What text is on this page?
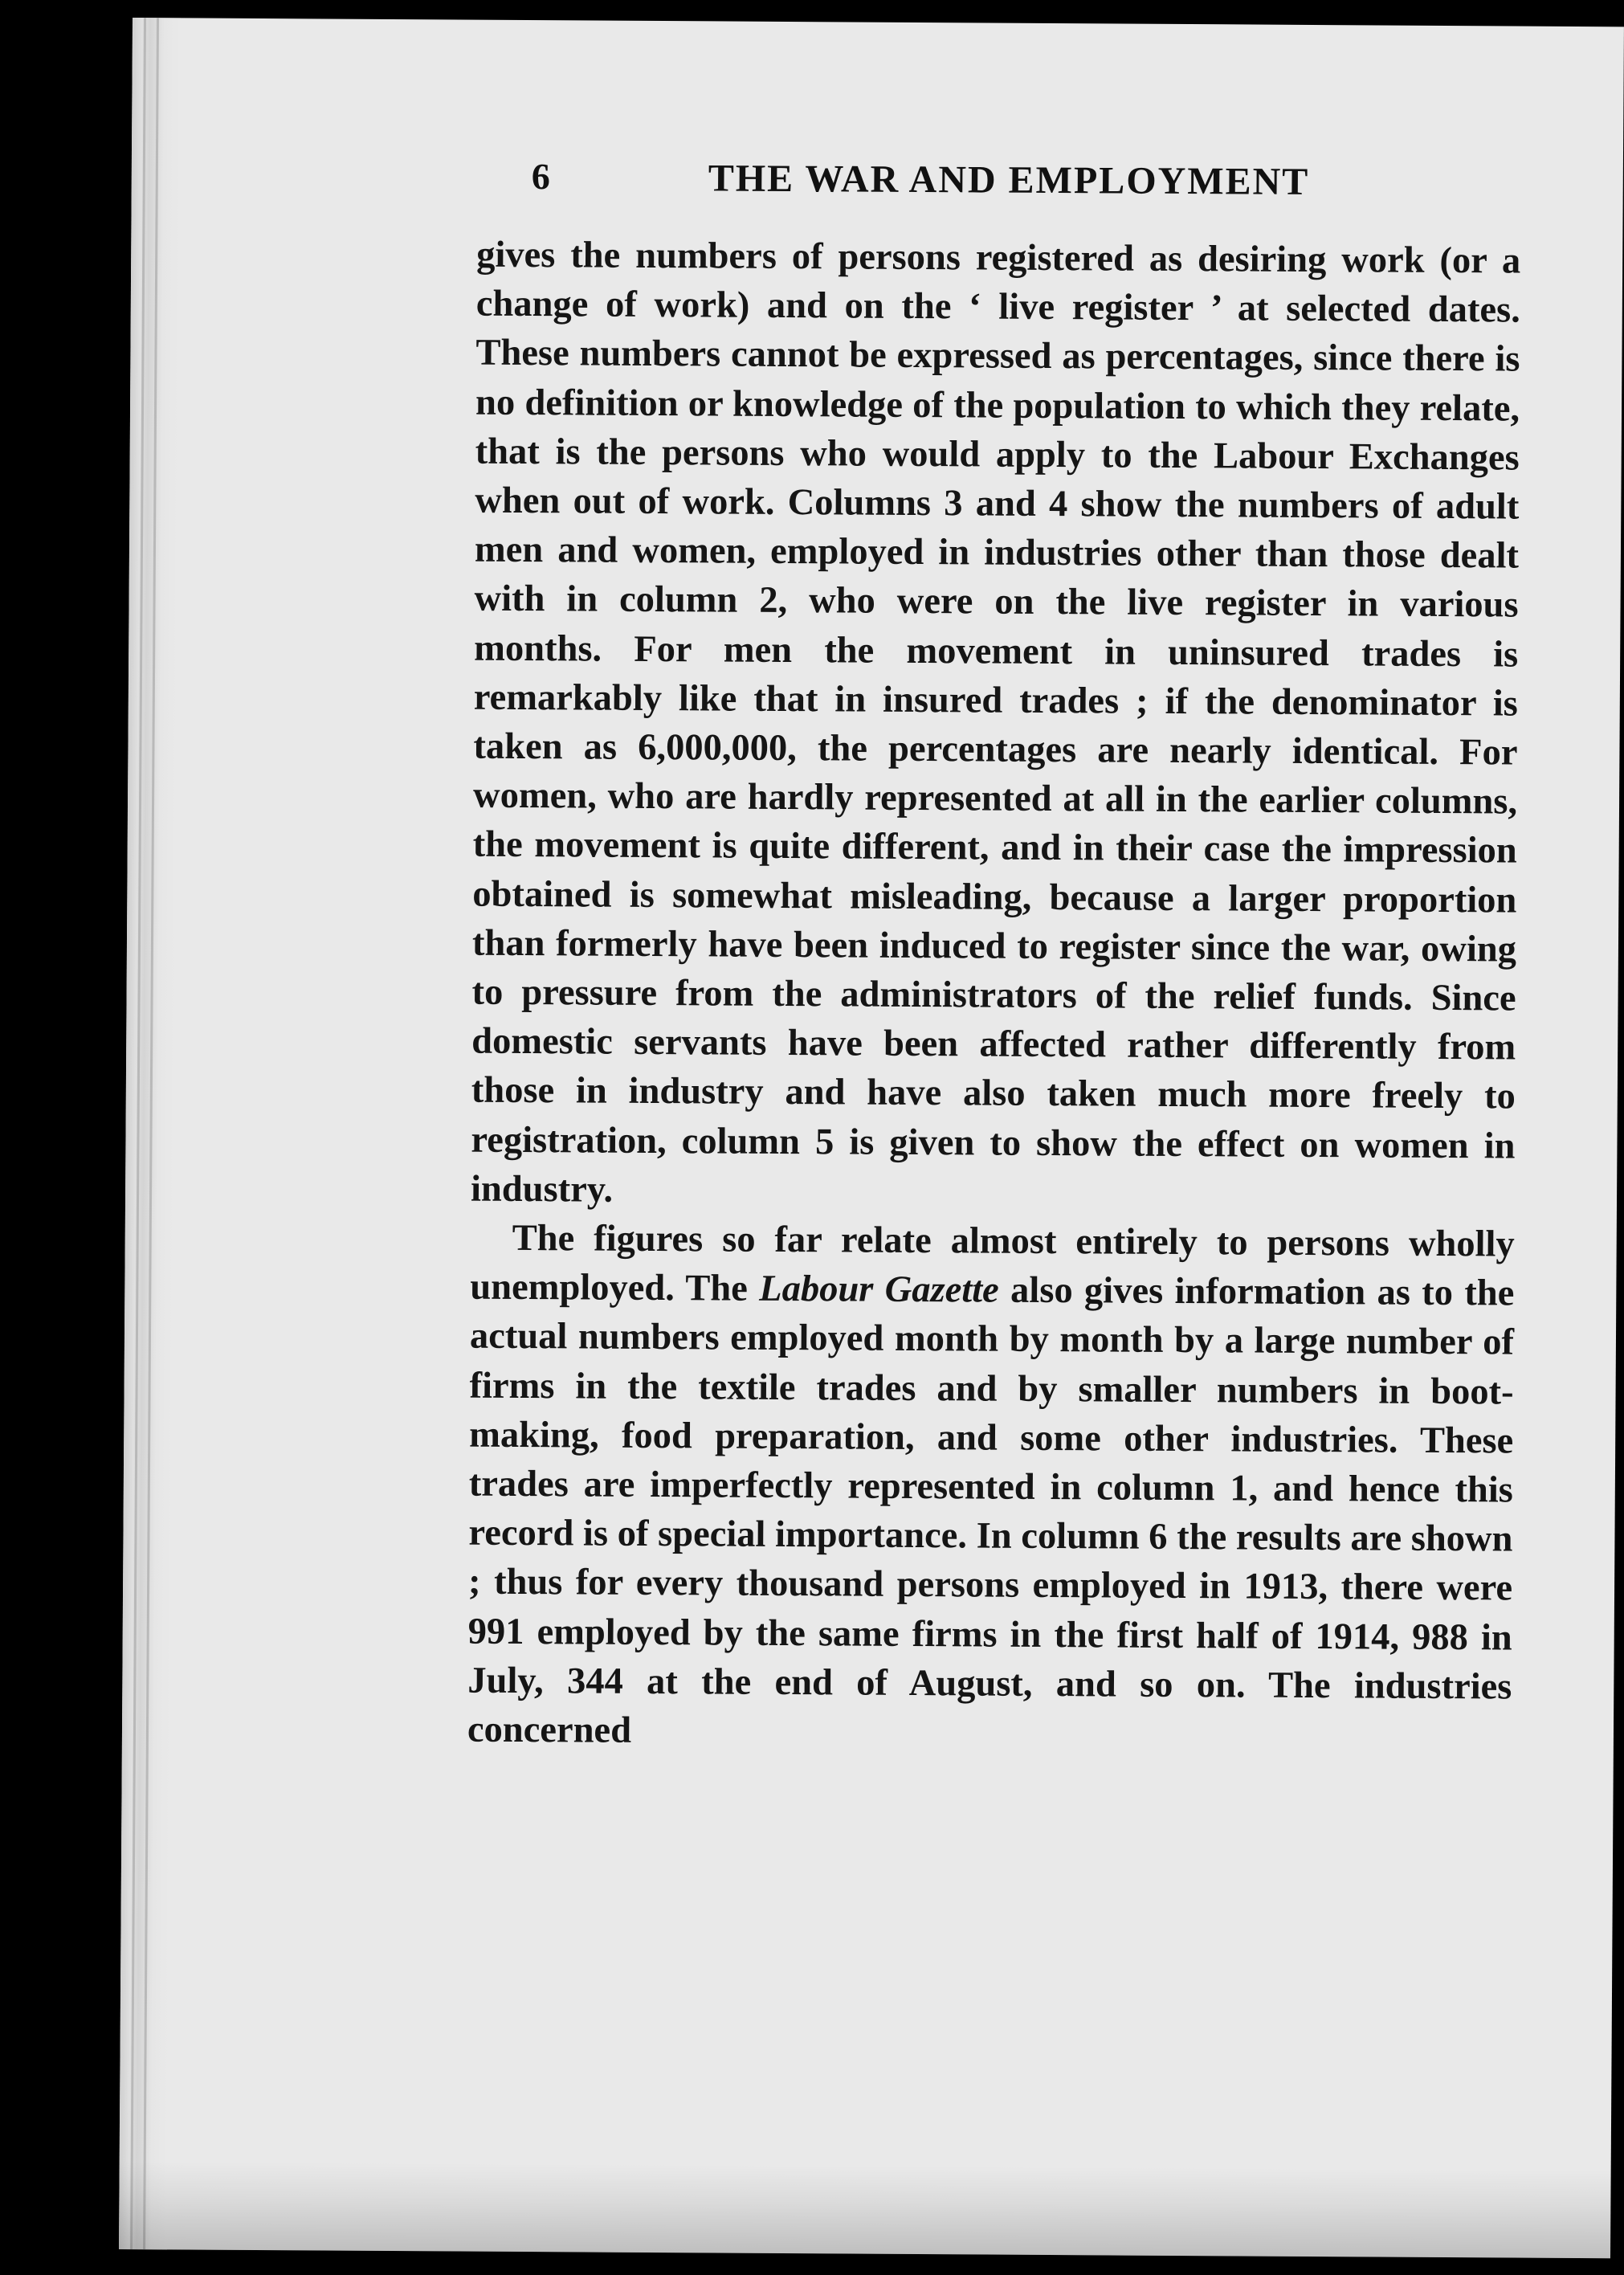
6	THE WAR AND EMPLOYMENT

gives the numbers of persons registered as desiring work (or a change of work) and on the ‘ live register ’ at selected dates. These numbers cannot be expressed as percentages, since there is no definition or knowledge of the population to which they relate, that is the persons who would apply to the Labour Exchanges when out of work. Columns 3 and 4 show the numbers of adult men and women, employed in industries other than those dealt with in column 2, who were on the live register in various months. For men the movement in uninsured trades is remarkably like that in insured trades ; if the denominator is taken as 6,000,000, the percentages are nearly identical. For women, who are hardly represented at all in the earlier columns, the movement is quite different, and in their case the impression obtained is somewhat misleading, because a larger proportion than formerly have been induced to register since the war, owing to pressure from the administrators of the relief funds. Since domestic servants have been affected rather differently from those in industry and have also taken much more freely to registration, column 5 is given to show the effect on women in industry.

The figures so far relate almost entirely to persons wholly unemployed. The Labour Gazette also gives information as to the actual numbers employed month by month by a large number of firms in the textile trades and by smaller numbers in boot-making, food preparation, and some other industries. These trades are imperfectly represented in column 1, and hence this record is of special importance. In column 6 the results are shown ; thus for every thousand persons employed in 1913, there were 991 employed by the same firms in the first half of 1914, 988 in July, 344 at the end of August, and so on. The industries concerned
